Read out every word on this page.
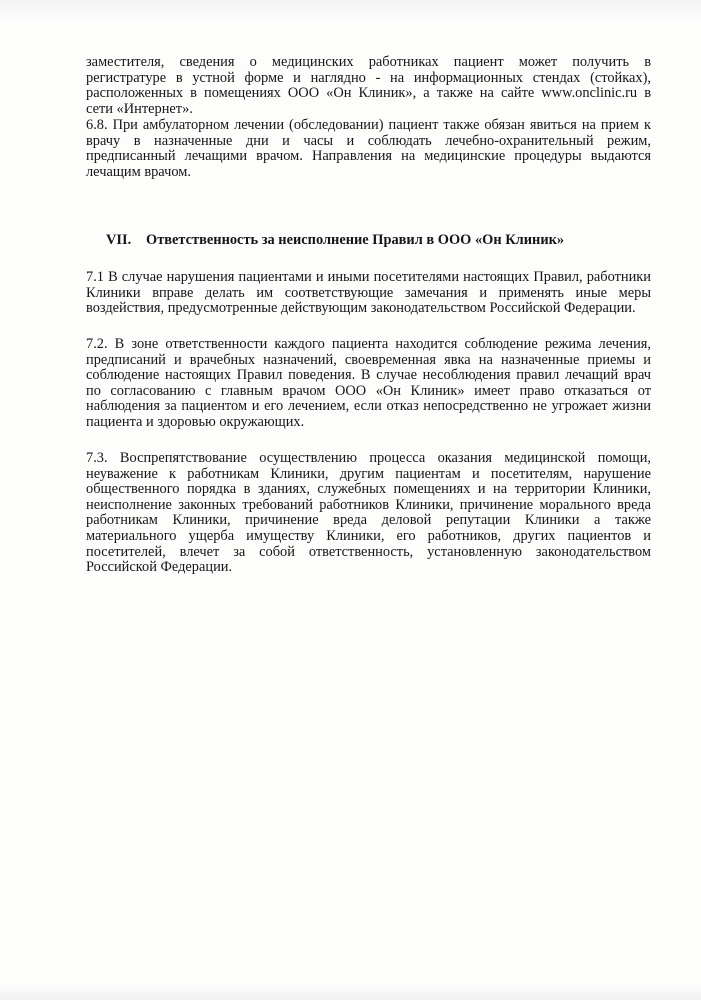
заместителя, сведения о медицинских работниках пациент может получить в
регистратуре в устной форме и наглядно - на информационных стендах (стойках),
расположенных в помещениях ООО «Он Клиник», а также на сайте www.onclinic.ru в
сети «Интернет».
6.8. При амбулаторном лечении (обследовании) пациент также обязан явиться на прием к
врачу в назначенные дни и часы и соблюдать лечебно-охранительный режим,
предписанный лечащими врачом. Направления на медицинские процедуры выдаются
лечащим врачом.
VII. Ответственность за неисполнение Правил в ООО «Он Клиник»
7.1 В случае нарушения пациентами и иными посетителями настоящих Правил, работники
Клиники вправе делать им соответствующие замечания и применять иные меры
воздействия, предусмотренные действующим законодательством Российской Федерации.
7.2. В зоне ответственности каждого пациента находится соблюдение режима лечения,
предписаний и врачебных назначений, своевременная явка на назначенные приемы и
соблюдение настоящих Правил поведения. В случае несоблюдения правил лечащий врач
по согласованию с главным врачом ООО «Он Клиник» имеет право отказаться от
наблюдения за пациентом и его лечением, если отказ непосредственно не угрожает жизни
пациента и здоровью окружающих.
7.3. Воспрепятствование осуществлению процесса оказания медицинской помощи,
неуважение к работникам Клиники, другим пациентам и посетителям, нарушение
общественного порядка в зданиях, служебных помещениях и на территории Клиники,
неисполнение законных требований работников Клиники, причинение морального вреда
работникам Клиники, причинение вреда деловой репутации Клиники а также
материального ущерба имуществу Клиники, его работников, других пациентов и
посетителей, влечет за собой ответственность, установленную законодательством
Российской Федерации.
